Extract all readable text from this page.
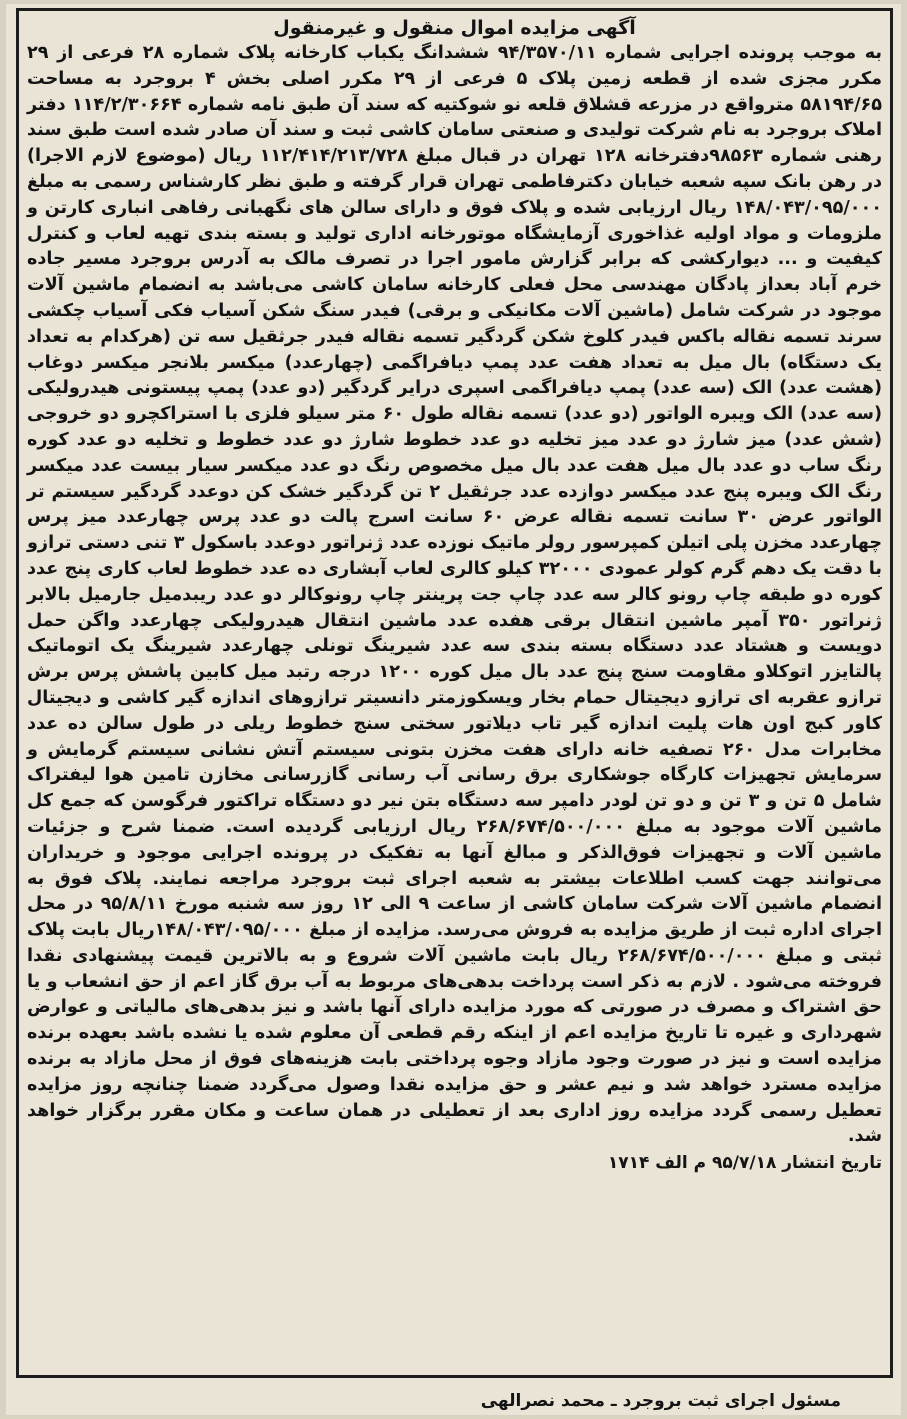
آگهی مزایده اموال منقول و غیرمنقول

به موجب پرونده اجرایی شماره ۹۴/۳۵۷۰/۱۱ ششدانگ یکباب کارخانه پلاک شماره ۲۸ فرعی از ۲۹ مکرر مجزی شده از قطعه زمین پلاک ۵ فرعی از ۲۹ مکرر اصلی بخش ۴ بروجرد به مساحت ۵۸۱۹۴/۶۵ مترواقع در مزرعه قشلاق قلعه نو شوکتیه که سند آن طبق نامه شماره ۱۱۴/۲/۳۰۶۶۴ دفتر املاک بروجرد به نام شرکت تولیدی و صنعتی سامان کاشی ثبت و سند آن صادر شده است طبق سند رهنی شماره ۹۸۵۶۳دفترخانه ۱۲۸ تهران در قبال مبلغ ۱۱۲/۴۱۴/۲۱۳/۷۲۸ ریال (موضوع لازم الاجرا) در رهن بانک سپه شعبه خیابان دکترفاطمی تهران قرار گرفته و طبق نظر کارشناس رسمی به مبلغ ۱۴۸/۰۴۳/۰۹۵/۰۰۰ ریال ارزیابی شده و پلاک فوق و دارای سالن های نگهبانی رفاهی انباری کارتن و ملزومات و مواد اولیه غذاخوری آزمایشگاه موتورخانه اداری تولید و بسته بندی تهیه لعاب و کنترل کیفیت و ... دیوارکشی که برابر گزارش مامور اجرا در تصرف مالک به آدرس بروجرد مسیر جاده خرم آباد بعداز پادگان مهندسی محل فعلی کارخانه سامان کاشی می‌باشد به انضمام ماشین آلات موجود در شرکت شامل (ماشین آلات مکانیکی و برقی) فیدر سنگ شکن آسیاب فکی آسیاب چکشی سرند تسمه نقاله باکس فیدر کلوخ شکن گردگیر تسمه نقاله فیدر جرثقیل سه تن (هرکدام به تعداد یک دستگاه) بال میل به تعداد هفت عدد پمپ دیافراگمی (چهارعدد) میکسر بلانجر میکسر دوغاب (هشت عدد) الک (سه عدد) پمپ دیافراگمی اسپری درایر گردگیر (دو عدد) پمپ پیستونی هیدرولیکی (سه عدد) الک ویبره الواتور (دو عدد) تسمه نقاله طول ۶۰ متر سیلو فلزی با استراکچرو دو خروجی (شش عدد) میز شارژ دو عدد میز تخلیه دو عدد خطوط شارژ دو عدد خطوط و تخلیه دو عدد کوره رنگ ساب دو عدد بال میل هفت عدد بال میل مخصوص رنگ دو عدد میکسر سیار بیست عدد میکسر رنگ الک ویبره پنج عدد میکسر دوازده عدد جرثقیل ۲ تن گردگیر خشک کن دوعدد گردگیر سیستم تر الواتور عرض ۳۰ سانت تسمه نقاله عرض ۶۰ سانت اسرج پالت دو عدد پرس چهارعدد میز پرس چهارعدد مخزن پلی اتیلن کمپرسور رولر ماتیک نوزده عدد ژنراتور دوعدد باسکول ۳ تنی دستی ترازو با دقت یک دهم گرم کولر عمودی ۳۲۰۰۰ کیلو کالری لعاب آبشاری ده عدد خطوط لعاب کاری پنج عدد کوره دو طبقه چاپ رونو کالر سه عدد چاپ جت پرینتر چاپ رونوکالر دو عدد ریبدمیل جارمیل بالابر ژنراتور ۳۵۰ آمپر ماشین انتقال برقی هفده عدد ماشین انتقال هیدرولیکی چهارعدد واگن حمل دویست و هشتاد عدد دستگاه بسته بندی سه عدد شیرینگ تونلی چهارعدد شیرینگ یک اتوماتیک پالتایزر اتوکلاو مقاومت سنج پنج عدد بال میل کوره ۱۲۰۰ درجه رتبد میل کابین پاشش پرس برش ترازو عقربه ای ترازو دیجیتال حمام بخار ویسکوزمتر دانسیتر ترازوهای اندازه گیر کاشی و دیجیتال کاور کبج اون هات پلیت اندازه گیر تاب دیلاتور سختی سنج خطوط ریلی در طول سالن ده عدد مخابرات مدل ۲۶۰ تصفیه خانه دارای هفت مخزن بتونی سیستم آتش نشانی سیستم گرمایش و سرمایش تجهیزات کارگاه جوشکاری برق رسانی آب رسانی گازرسانی مخازن تامین هوا لیفتراک شامل ۵ تن و ۳ تن و دو تن لودر دامپر سه دستگاه بتن نیر دو دستگاه تراکتور فرگوسن که جمع کل ماشین آلات موجود به مبلغ ۲۶۸/۶۷۴/۵۰۰/۰۰۰ ریال ارزیابی گردیده است. ضمنا شرح و جزئیات ماشین آلات و تجهیزات فوق‌الذکر و مبالغ آنها به تفکیک در پرونده اجرایی موجود و خریداران می‌توانند جهت کسب اطلاعات بیشتر به شعبه اجرای ثبت بروجرد مراجعه نمایند. پلاک فوق به انضمام ماشین آلات شرکت سامان کاشی از ساعت ۹ الی ۱۲ روز سه شنبه مورخ ۹۵/۸/۱۱ در محل اجرای اداره ثبت از طریق مزایده به فروش می‌رسد. مزایده از مبلغ ۱۴۸/۰۴۳/۰۹۵/۰۰۰ریال بابت پلاک ثبتی و مبلغ ۲۶۸/۶۷۴/۵۰۰/۰۰۰ ریال بابت ماشین آلات شروع و به بالاترین قیمت پیشنهادی نقدا فروخته می‌شود . لازم به ذکر است پرداخت بدهی‌های مربوط به آب برق گاز اعم از حق انشعاب و یا حق اشتراک و مصرف در صورتی که مورد مزایده دارای آنها باشد و نیز بدهی‌های مالیاتی و عوارض شهرداری و غیره تا تاریخ مزایده اعم از اینکه رقم قطعی آن معلوم شده یا نشده باشد بعهده برنده مزایده است و نیز در صورت وجود مازاد وجوه پرداختی بابت هزینه‌های فوق از محل مازاد به برنده مزایده مسترد خواهد شد و نیم عشر و حق مزایده نقدا وصول می‌گردد ضمنا چنانچه روز مزایده تعطیل رسمی گردد مزایده روز اداری بعد از تعطیلی در همان ساعت و مکان مقرر برگزار خواهد شد.

تاریخ انتشار ۹۵/۷/۱۸ م الف ۱۷۱۴
مسئول اجرای ثبت بروجرد ـ محمد نصرالهی
